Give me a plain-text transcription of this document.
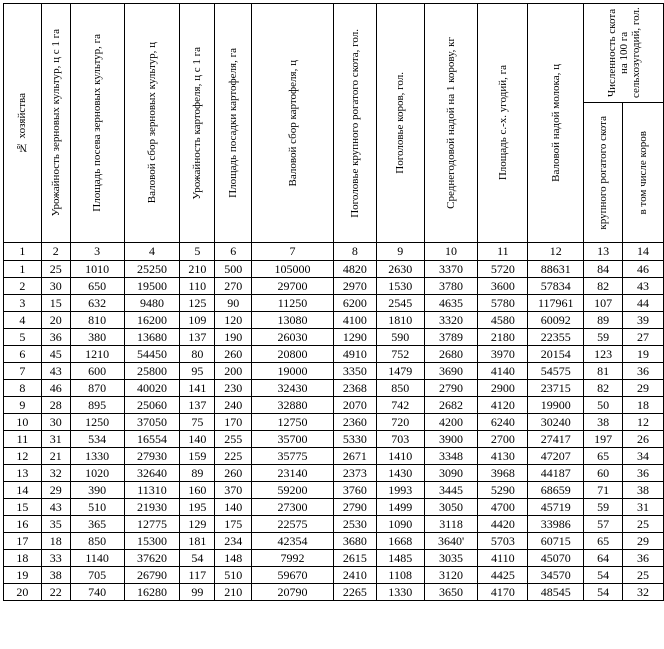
№ хозяйства	Урожайность зерновых культур, ц с 1 га	Площадь посева зерновых культур, га	Валовой сбор зерновых культур, ц	Урожайность картофеля, ц с 1 га	Площадь посадки картофеля, га	Валовой сбор картофеля, ц	Поголовье крупного рогатого скота, гол.	Поголовье коров, гол.	Среднегодовой надой на 1 корову, кг	Площадь с.-х. угодий, га	Валовой надой молока, ц	Численность скота на 100 га сельхозугодий, гол.	

												крупного рогатого скота	в том числе коров

1	2	3	4	5	6	7	8	9	10	11	12	13	14
1	25	1010	25250	210	500	105000	4820	2630	3370	5720	88631	84	46
2	30	650	19500	110	270	29700	2970	1530	3780	3600	57834	82	43
3	15	632	9480	125	90	11250	6200	2545	4635	5780	117961	107	44
4	20	810	16200	109	120	13080	4100	1810	3320	4580	60092	89	39
5	36	380	13680	137	190	26030	1290	590	3789	2180	22355	59	27
6	45	1210	54450	80	260	20800	4910	752	2680	3970	20154	123	19
7	43	600	25800	95	200	19000	3350	1479	3690	4140	54575	81	36
8	46	870	40020	141	230	32430	2368	850	2790	2900	23715	82	29
9	28	895	25060	137	240	32880	2070	742	2682	4120	19900	50	18
10	30	1250	37050	75	170	12750	2360	720	4200	6240	30240	38	12
11	31	534	16554	140	255	35700	5330	703	3900	2700	27417	197	26
12	21	1330	27930	159	225	35775	2671	1410	3348	4130	47207	65	34
13	32	1020	32640	89	260	23140	2373	1430	3090	3968	44187	60	36
14	29	390	11310	160	370	59200	3760	1993	3445	5290	68659	71	38
15	43	510	21930	195	140	27300	2790	1499	3050	4700	45719	59	31
16	35	365	12775	129	175	22575	2530	1090	3118	4420	33986	57	25
17	18	850	15300	181	234	42354	3680	1668	3640'	5703	60715	65	29
18	33	1140	37620	54	148	7992	2615	1485	3035	4110	45070	64	36
19	38	705	26790	117	510	59670	2410	1108	3120	4425	34570	54	25
20	22	740	16280	99	210	20790	2265	1330	3650	4170	48545	54	32
